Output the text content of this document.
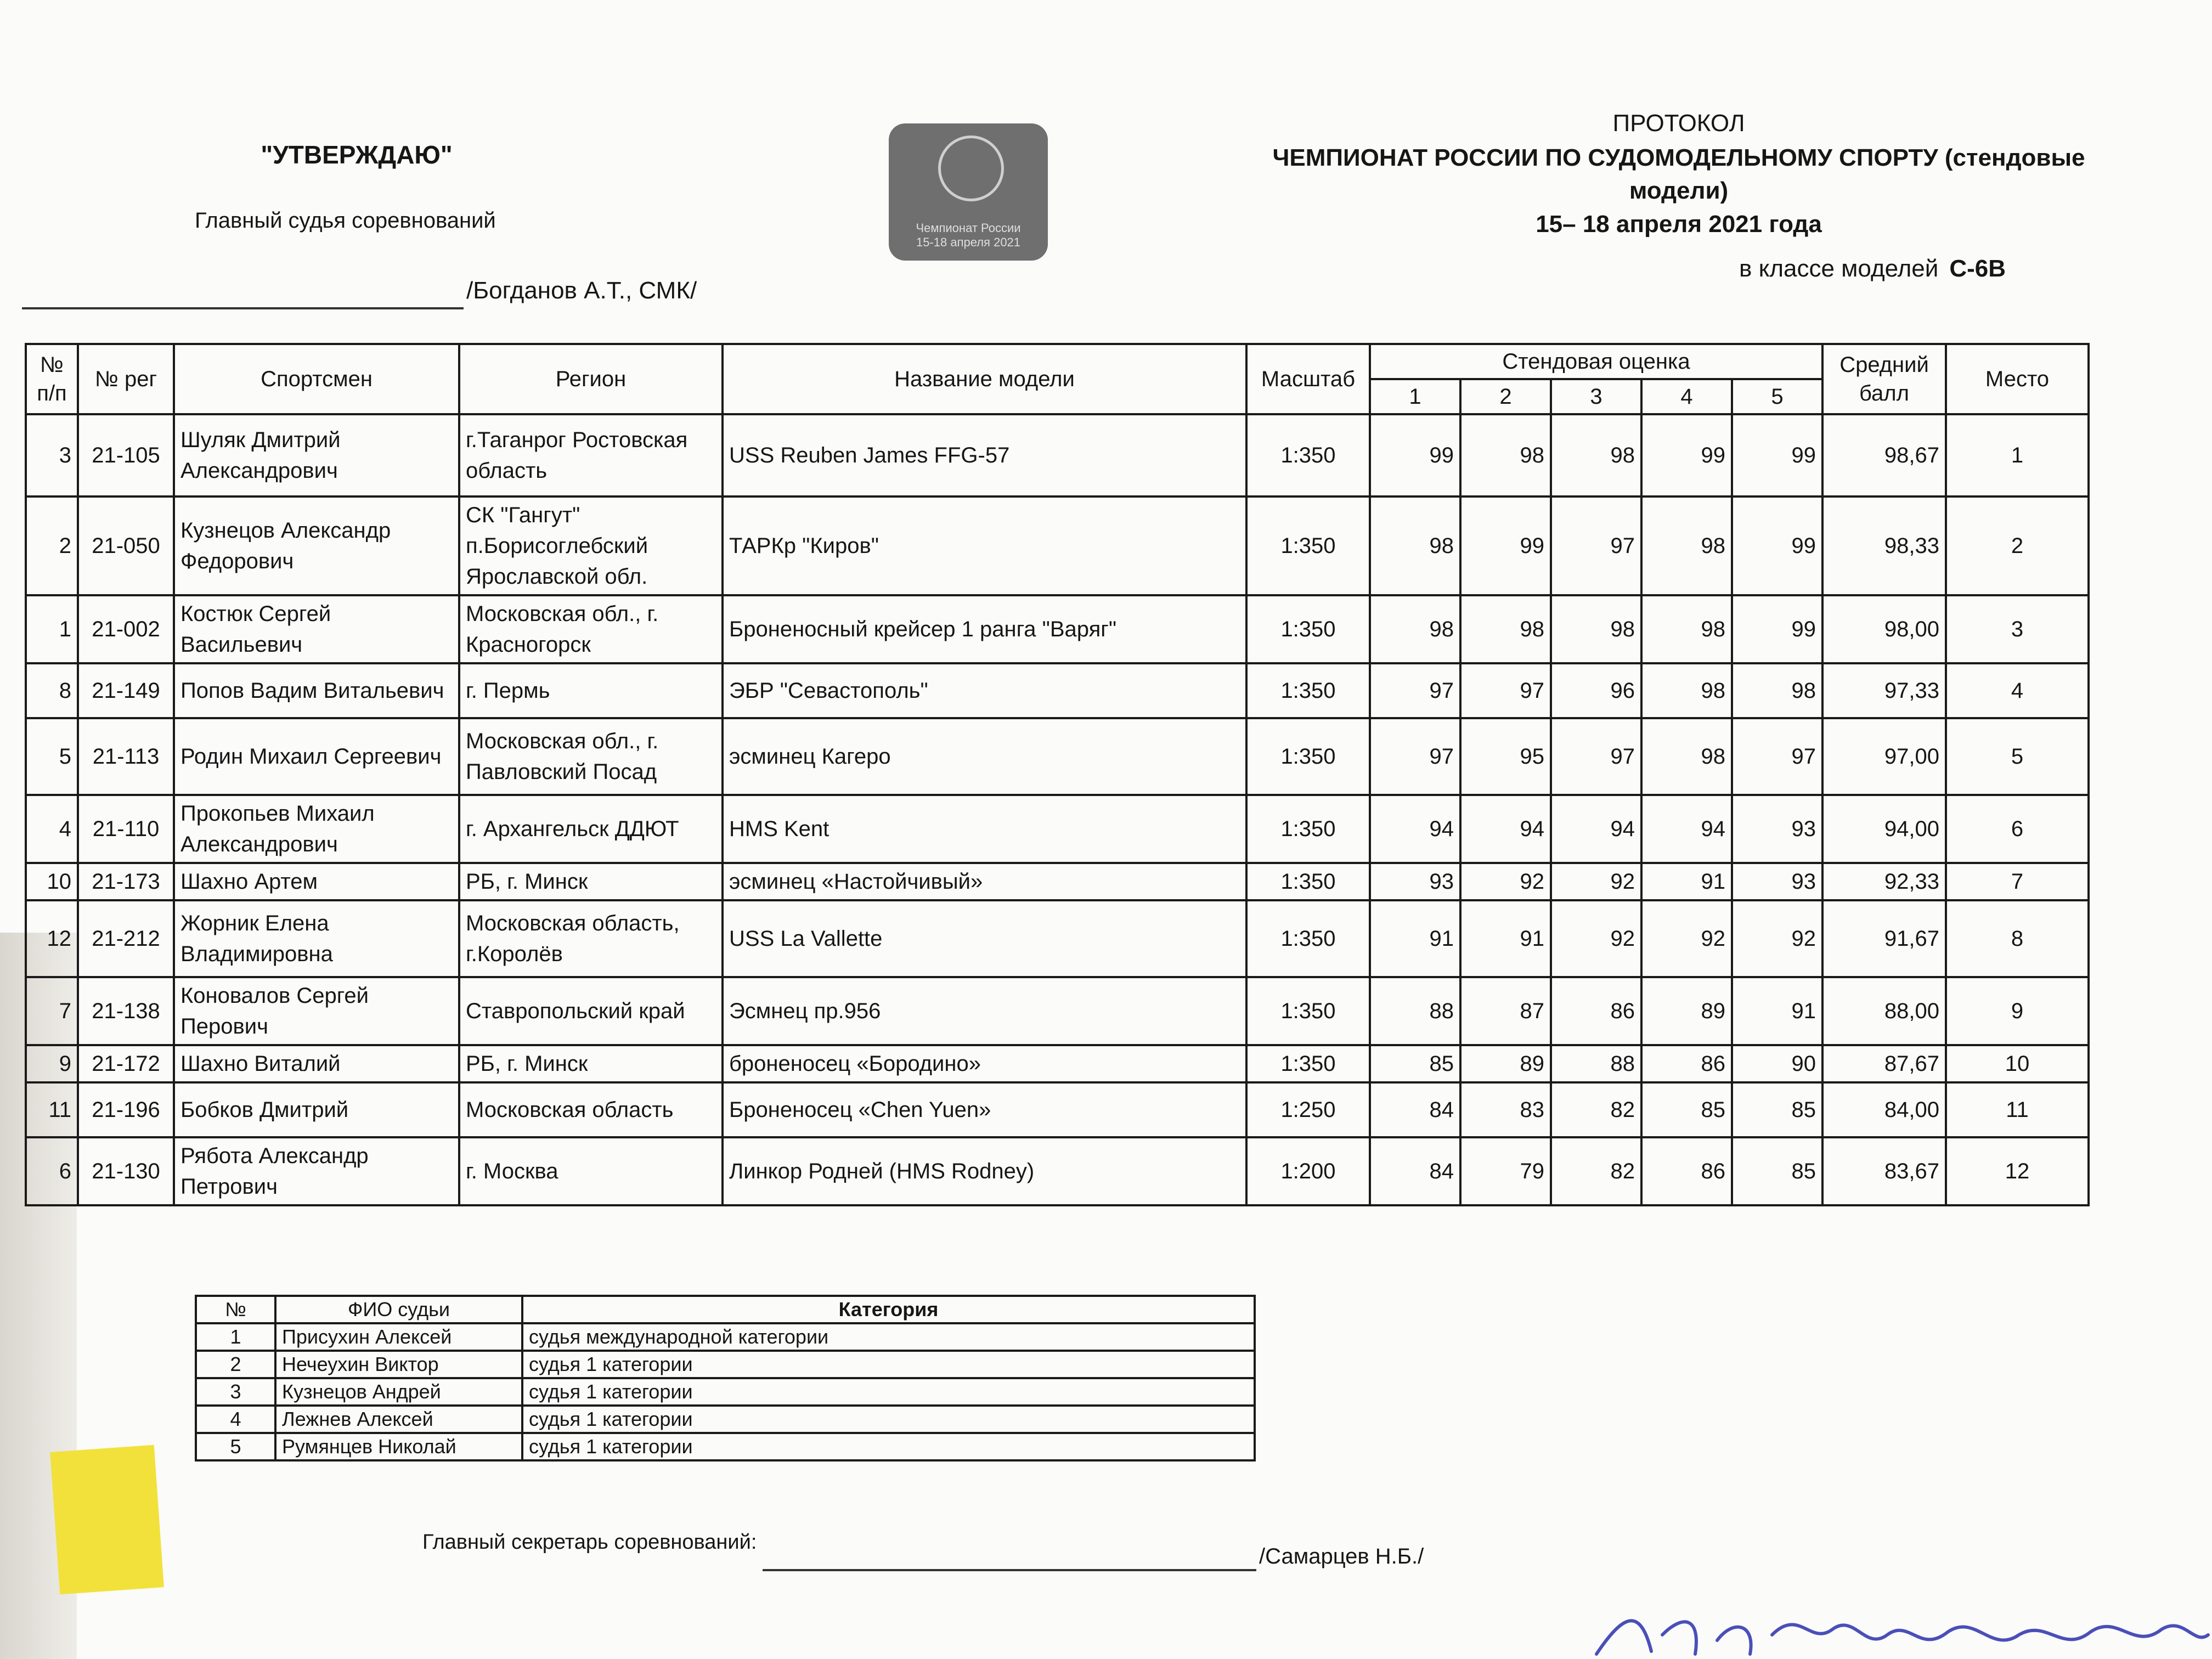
"УТВЕРЖДАЮ"
Главный судья соревнований
/Богданов А.Т., СМК/
Чемпионат России
15-18 апреля 2021
ПРОТОКОЛ
ЧЕМПИОНАТ РОССИИ ПО СУДОМОДЕЛЬНОМУ СПОРТУ (стендовые модели)
15– 18 апреля 2021 года
в классе моделей С-6В
№ п/п	№ рег	Спортсмен	Регион	Название модели	Масштаб	Стендовая оценка					Средний балл	Место
						1	2	3	4	5		
3	21-105	Шуляк Дмитрий Александрович	г.Таганрог Ростовская область	USS Reuben James FFG-57	1:350	99	98	98	99	99	98,67	1
2	21-050	Кузнецов Александр Федорович	СК "Гангут" п.Борисоглебский Ярославской обл.	ТАРКр "Киров"	1:350	98	99	97	98	99	98,33	2
1	21-002	Костюк Сергей Васильевич	Московская обл., г. Красногорск	Броненосный крейсер 1 ранга "Варяг"	1:350	98	98	98	98	99	98,00	3
8	21-149	Попов Вадим Витальевич	г. Пермь	ЭБР "Севастополь"	1:350	97	97	96	98	98	97,33	4
5	21-113	Родин Михаил Сергеевич	Московская обл., г. Павловский Посад	эсминец Кагеро	1:350	97	95	97	98	97	97,00	5
4	21-110	Прокопьев Михаил Александрович	г. Архангельск ДДЮТ	HMS Kent	1:350	94	94	94	94	93	94,00	6
10	21-173	Шахно Артем	РБ, г. Минск	эсминец «Настойчивый»	1:350	93	92	92	91	93	92,33	7
12	21-212	Жорник Елена Владимировна	Московская область, г.Королёв	USS La Vallette	1:350	91	91	92	92	92	91,67	8
7	21-138	Коновалов Сергей Перович	Ставропольский край	Эсмнец пр.956	1:350	88	87	86	89	91	88,00	9
9	21-172	Шахно Виталий	РБ, г. Минск	броненосец «Бородино»	1:350	85	89	88	86	90	87,67	10
11	21-196	Бобков Дмитрий	Московская область	Броненосец «Chen Yuen»	1:250	84	83	82	85	85	84,00	11
6	21-130	Рябота Александр Петрович	г. Москва	Линкор Родней (HMS Rodney)	1:200	84	79	82	86	85	83,67	12
№	ФИО судьи	Категория
1	Присухин Алексей	судья международной категории
2	Нечеухин Виктор	судья 1 категории
3	Кузнецов Андрей	судья 1 категории
4	Лежнев Алексей	судья 1 категории
5	Румянцев Николай	судья 1 категории
Главный секретарь соревнований:
/Самарцев Н.Б./
